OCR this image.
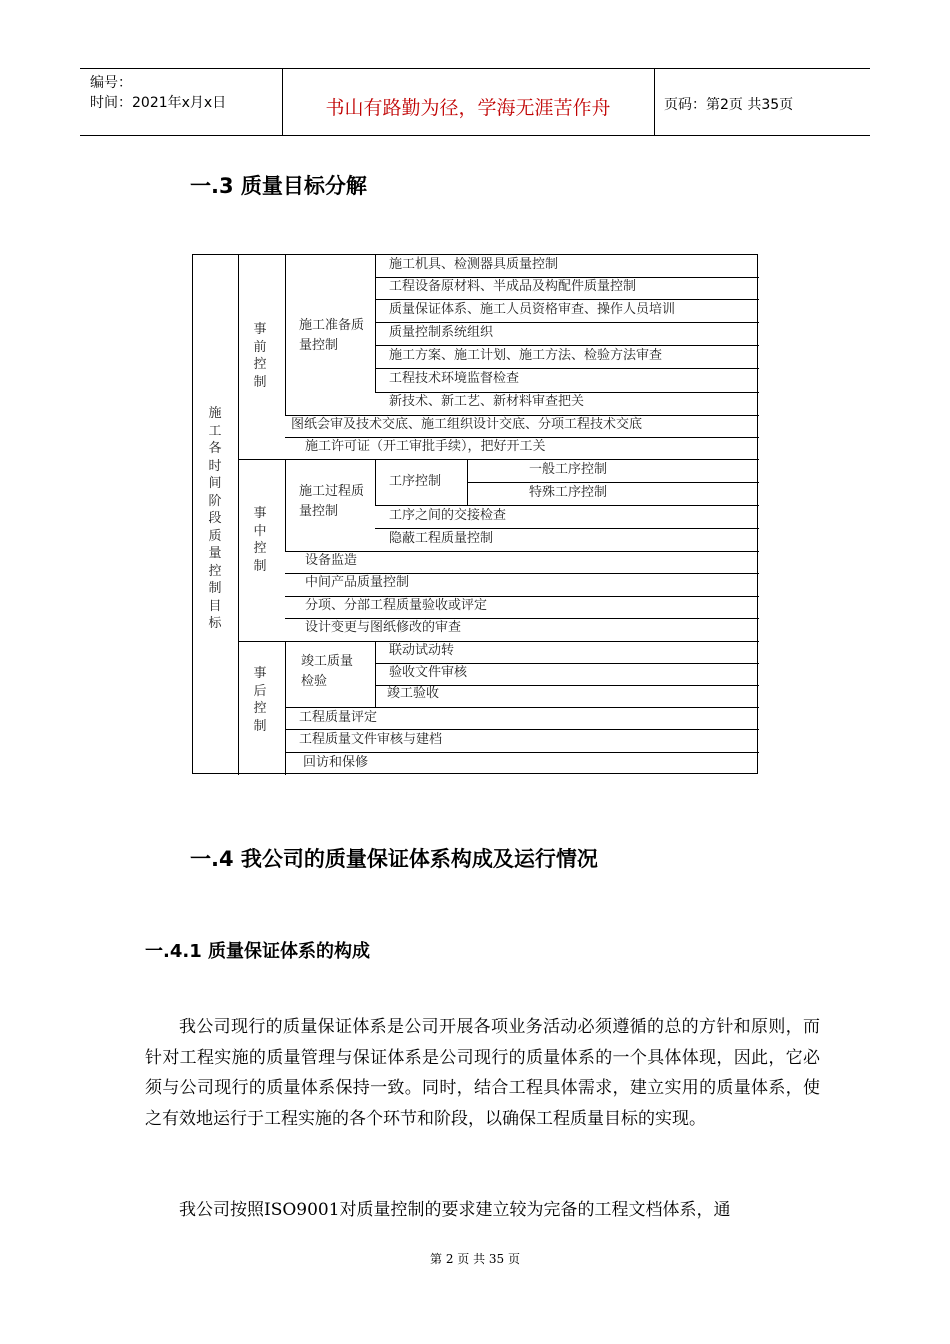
编号：
时间：2021年x月x日	书山有路勤为径，学海无涯苦作舟	页码：第2页 共35页
一.3 质量目标分解
施工各时间阶段质量控制目标
事前控制
事中控制
事后控制
施工准备质量控制
施工过程质量控制
竣工质量检验
施工机具、检测器具质量控制
工程设备原材料、半成品及构配件质量控制
质量保证体系、施工人员资格审查、操作人员培训
质量控制系统组织
施工方案、施工计划、施工方法、检验方法审查
工程技术环境监督检查
新技术、新工艺、新材料审查把关
图纸会审及技术交底、施工组织设计交底、分项工程技术交底
施工许可证（开工审批手续），把好开工关
工序控制
一般工序控制
特殊工序控制
工序之间的交接检查
隐蔽工程质量控制
设备监造
中间产品质量控制
分项、分部工程质量验收或评定
设计变更与图纸修改的审查
联动试动转
验收文件审核
竣工验收
工程质量评定
工程质量文件审核与建档
回访和保修
一.4 我公司的质量保证体系构成及运行情况
一.4.1 质量保证体系的构成
我公司现行的质量保证体系是公司开展各项业务活动必须遵循的总的方针和原则，而针对工程实施的质量管理与保证体系是公司现行的质量体系的一个具体体现，因此，它必须与公司现行的质量体系保持一致。同时，结合工程具体需求，建立实用的质量体系，使之有效地运行于工程实施的各个环节和阶段，以确保工程质量目标的实现。
我公司按照ISO9001对质量控制的要求建立较为完备的工程文档体系，通
第 2 页 共 35 页
